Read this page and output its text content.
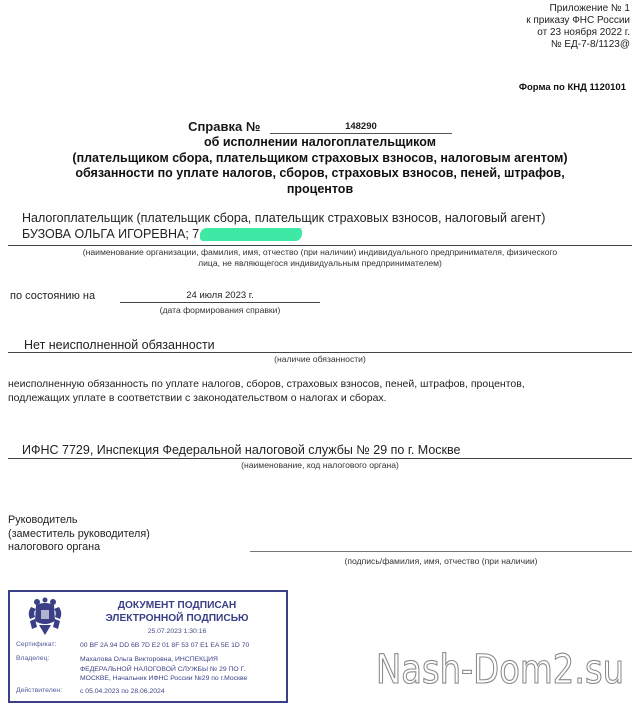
Приложение № 1
к приказу ФНС России
от 23 ноября 2022 г.
№ ЕД-7-8/1123@
Форма по КНД 1120101
Справка №	148290
об исполнении налогоплательщиком
(плательщиком сбора, плательщиком страховых взносов, налоговым агентом)
обязанности по уплате налогов, сборов, страховых взносов, пеней, штрафов,
процентов
Налогоплательщик (плательщик сбора, плательщик страховых взносов, налоговый агент)
БУЗОВА ОЛЬГА ИГОРЕВНА; 7
(наименование организации, фамилия, имя, отчество (при наличии) индивидуального предпринимателя, физического
лица, не являющегося индивидуальным предпринимателем)
по состоянию на	24 июля 2023 г.
(дата формирования справки)
Нет неисполненной обязанности
(наличие обязанности)
неисполненную обязанность по уплате налогов, сборов, страховых взносов, пеней, штрафов, процентов,
подлежащих уплате в соответствии с законодательством о налогах и сборах.
ИФНС 7729, Инспекция Федеральной налоговой службы № 29 по г. Москве
(наименование, код налогового органа)
Руководитель
(заместитель руководителя)
налогового органа
(подпись/фамилия, имя, отчество (при наличии)
ДОКУМЕНТ ПОДПИСАН
ЭЛЕКТРОННОЙ ПОДПИСЬЮ
25.07.2023 1:30:16
Сертификат:	00 BF 2A 94 DD 6B 7D E2 01 8F 53 07 E1 EA 5E 1D 70
Владелец:	Махалова Ольга Викторовна, ИНСПЕКЦИЯ
ФЕДЕРАЛЬНОЙ НАЛОГОВОЙ СЛУЖБЫ № 29 ПО Г.
МОСКВЕ, Начальник ИФНС России №29 по г.Москве
Действителен:	с 05.04.2023 по 28.06.2024	Nash-Dom2.su
